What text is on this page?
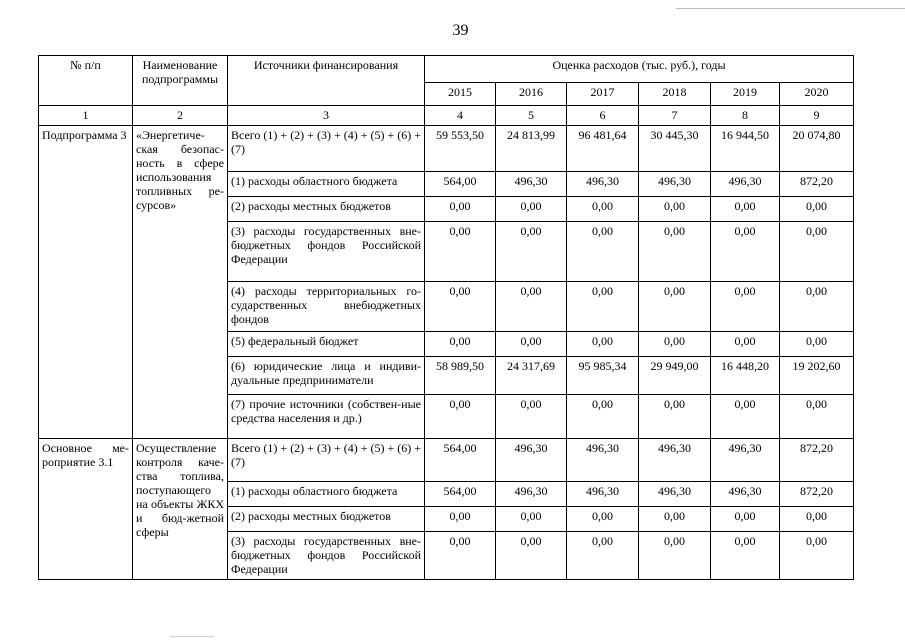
39
№ п/п	Наименование подпрограммы	Источники финансирования	Оценка расходов (тыс. руб.), годы					
			2015	2016	2017	2018	2019	2020
1	2	3	4	5	6	7	8	9
Подпрограмма 3	«Энергетиче-ская безопас-ность в сфере использования топливных ре-сурсов»	Всего (1) + (2) + (3) + (4) + (5) + (6) + (7)	59 553,50	24 813,99	96 481,64	30 445,30	16 944,50	20 074,80
		(1) расходы областного бюджета	564,00	496,30	496,30	496,30	496,30	872,20
		(2) расходы местных бюджетов	0,00	0,00	0,00	0,00	0,00	0,00
		(3) расходы государственных вне-бюджетных фондов Российской Федерации	0,00	0,00	0,00	0,00	0,00	0,00
		(4) расходы территориальных го-сударственных внебюджетных фондов	0,00	0,00	0,00	0,00	0,00	0,00
		(5) федеральный бюджет	0,00	0,00	0,00	0,00	0,00	0,00
		(6) юридические лица и индиви-дуальные предприниматели	58 989,50	24 317,69	95 985,34	29 949,00	16 448,20	19 202,60
		(7) прочие источники (собствен-ные средства населения и др.)	0,00	0,00	0,00	0,00	0,00	0,00
Основное ме-роприятие 3.1	Осуществление контроля каче-ства топлива, поступающего на объекты ЖКХ и бюд-жетной сферы	Всего (1) + (2) + (3) + (4) + (5) + (6) + (7)	564,00	496,30	496,30	496,30	496,30	872,20
		(1) расходы областного бюджета	564,00	496,30	496,30	496,30	496,30	872,20
		(2) расходы местных бюджетов	0,00	0,00	0,00	0,00	0,00	0,00
		(3) расходы государственных вне-бюджетных фондов Российской Федерации	0,00	0,00	0,00	0,00	0,00	0,00
